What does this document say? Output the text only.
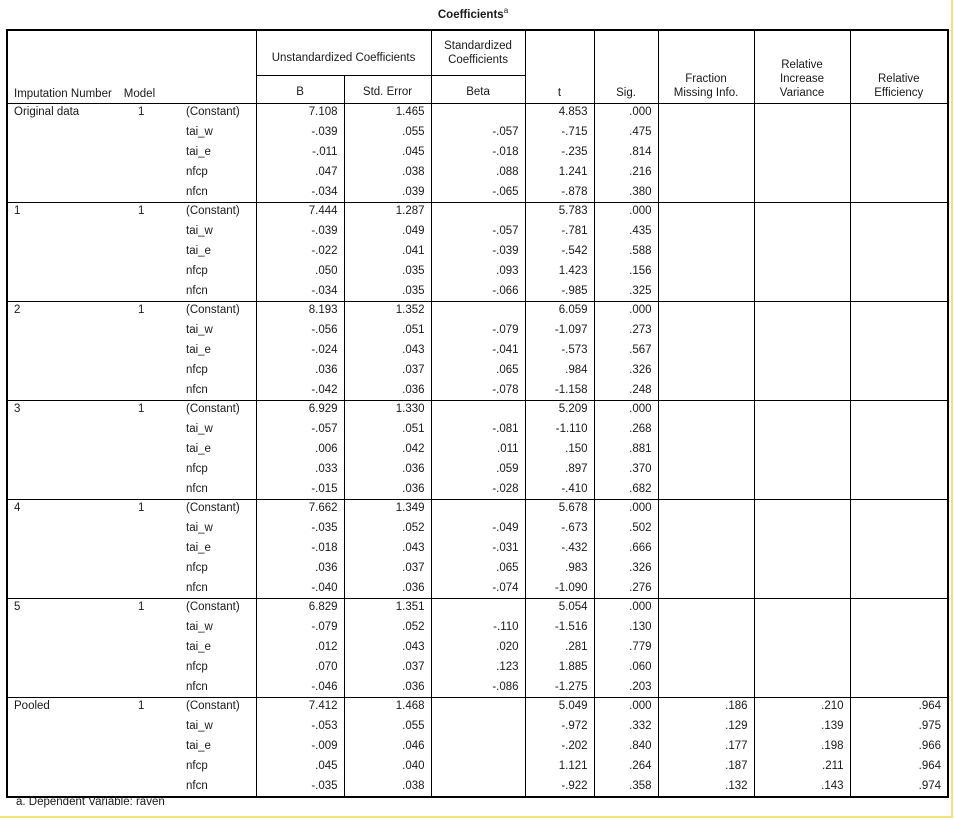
Coefficients$^a$
Imputation Number Model			Unstandardized Coefficients		Standardized Coefficients	t	Sig.	Fraction Missing Info.	Relative Increase Variance	Relative Efficiency
			B	Std. Error	Beta					
Original data	1	(Constant)	7.108	1.465		4.853	.000			
		tai_w	-.039	.055	-.057	-.715	.475			
		tai_e	-.011	.045	-.018	-.235	.814			
		nfcp	.047	.038	.088	1.241	.216			
		nfcn	-.034	.039	-.065	-.878	.380			
1	1	(Constant)	7.444	1.287		5.783	.000			
		tai_w	-.039	.049	-.057	-.781	.435			
		tai_e	-.022	.041	-.039	-.542	.588			
		nfcp	.050	.035	.093	1.423	.156			
		nfcn	-.034	.035	-.066	-.985	.325			
2	1	(Constant)	8.193	1.352		6.059	.000			
		tai_w	-.056	.051	-.079	-1.097	.273			
		tai_e	-.024	.043	-.041	-.573	.567			
		nfcp	.036	.037	.065	.984	.326			
		nfcn	-.042	.036	-.078	-1.158	.248			
3	1	(Constant)	6.929	1.330		5.209	.000			
		tai_w	-.057	.051	-.081	-1.110	.268			
		tai_e	.006	.042	.011	.150	.881			
		nfcp	.033	.036	.059	.897	.370			
		nfcn	-.015	.036	-.028	-.410	.682			
4	1	(Constant)	7.662	1.349		5.678	.000			
		tai_w	-.035	.052	-.049	-.673	.502			
		tai_e	-.018	.043	-.031	-.432	.666			
		nfcp	.036	.037	.065	.983	.326			
		nfcn	-.040	.036	-.074	-1.090	.276			
5	1	(Constant)	6.829	1.351		5.054	.000			
		tai_w	-.079	.052	-.110	-1.516	.130			
		tai_e	.012	.043	.020	.281	.779			
		nfcp	.070	.037	.123	1.885	.060			
		nfcn	-.046	.036	-.086	-1.275	.203			
Pooled	1	(Constant)	7.412	1.468		5.049	.000	.186	.210	.964
		tai_w	-.053	.055		-.972	.332	.129	.139	.975
		tai_e	-.009	.046		-.202	.840	.177	.198	.966
		nfcp	.045	.040		1.121	.264	.187	.211	.964
		nfcn	-.035	.038		-.922	.358	.132	.143	.974
a. Dependent Variable: raven
